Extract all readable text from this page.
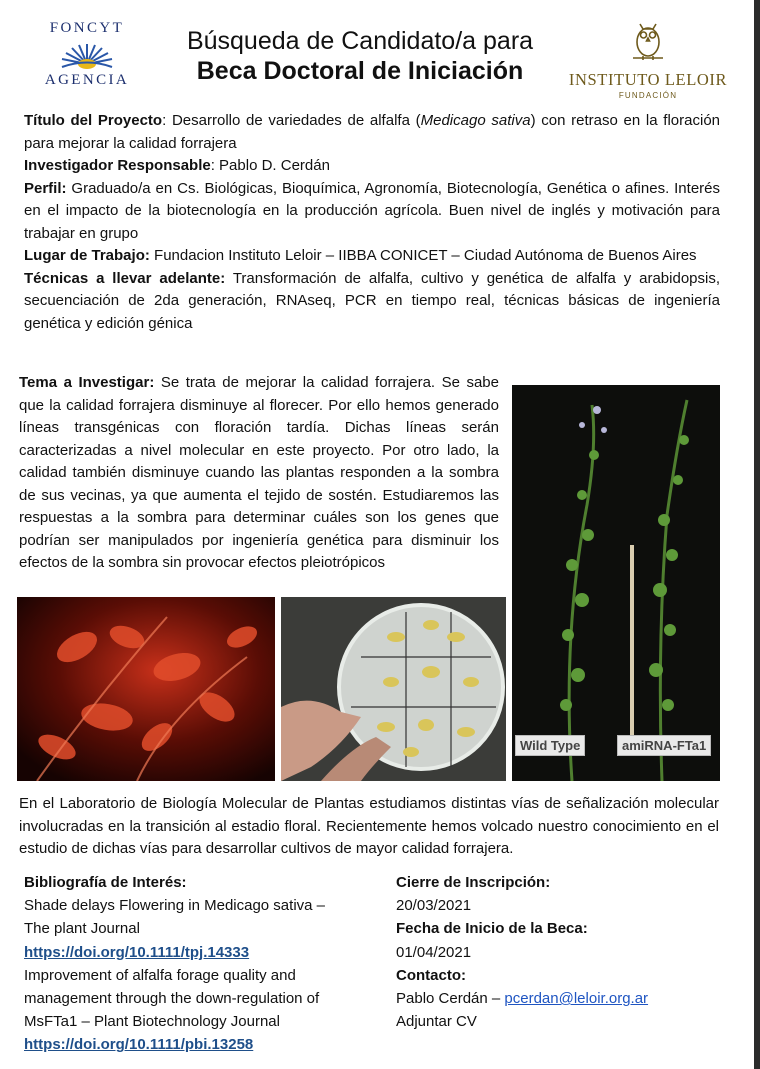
FONCYT
AGENCIA
Búsqueda de Candidato/a para
Beca Doctoral de Iniciación	INSTITUTO LELOIR
FUNDACIÓN

Título del Proyecto: Desarrollo de variedades de alfalfa (Medicago sativa) con retraso en la floración para mejorar la calidad forrajera

Investigador Responsable: Pablo D. Cerdán

Perfil: Graduado/a en Cs. Biológicas, Bioquímica, Agronomía, Biotecnología, Genética o afines. Interés en el impacto de la biotecnología en la producción agrícola. Buen nivel de inglés y motivación para trabajar en grupo

Lugar de Trabajo: Fundacion Instituto Leloir – IIBBA CONICET – Ciudad Autónoma de Buenos Aires

Técnicas a llevar adelante: Transformación de alfalfa, cultivo y genética de alfalfa y arabidopsis, secuenciación de 2da generación, RNAseq, PCR en tiempo real, técnicas básicas de ingeniería genética y edición génica

Tema a Investigar: Se trata de mejorar la calidad forrajera. Se sabe que la calidad forrajera disminuye al florecer. Por ello hemos generado líneas transgénicas con floración tardía. Dichas líneas serán caracterizadas a nivel molecular en este proyecto. Por otro lado, la calidad también disminuye cuando las plantas responden a la sombra de sus vecinas, ya que aumenta el tejido de sostén. Estudiaremos las respuestas a la sombra para determinar cuáles son los genes que podrían ser manipulados por ingeniería genética para disminuir los efectos de la sombra sin provocar efectos pleiotrópicos

Wild Type	amiRNA-FTa1

En el Laboratorio de Biología Molecular de Plantas estudiamos distintas vías de señalización molecular involucradas en la transición al estadio floral. Recientemente hemos volcado nuestro conocimiento en el estudio de dichas vías para desarrollar cultivos de mayor calidad forrajera.

Bibliografía de Interés:
Shade delays Flowering in Medicago sativa –
The plant Journal
https://doi.org/10.1111/tpj.14333
Improvement of alfalfa forage quality and
management through the down-regulation of
MsFTa1 – Plant Biotechnology Journal
https://doi.org/10.1111/pbi.13258
Cierre de Inscripción:
20/03/2021
Fecha de Inicio de la Beca:
01/04/2021
Contacto:
Pablo Cerdán – pcerdan@leloir.org.ar
Adjuntar CV
